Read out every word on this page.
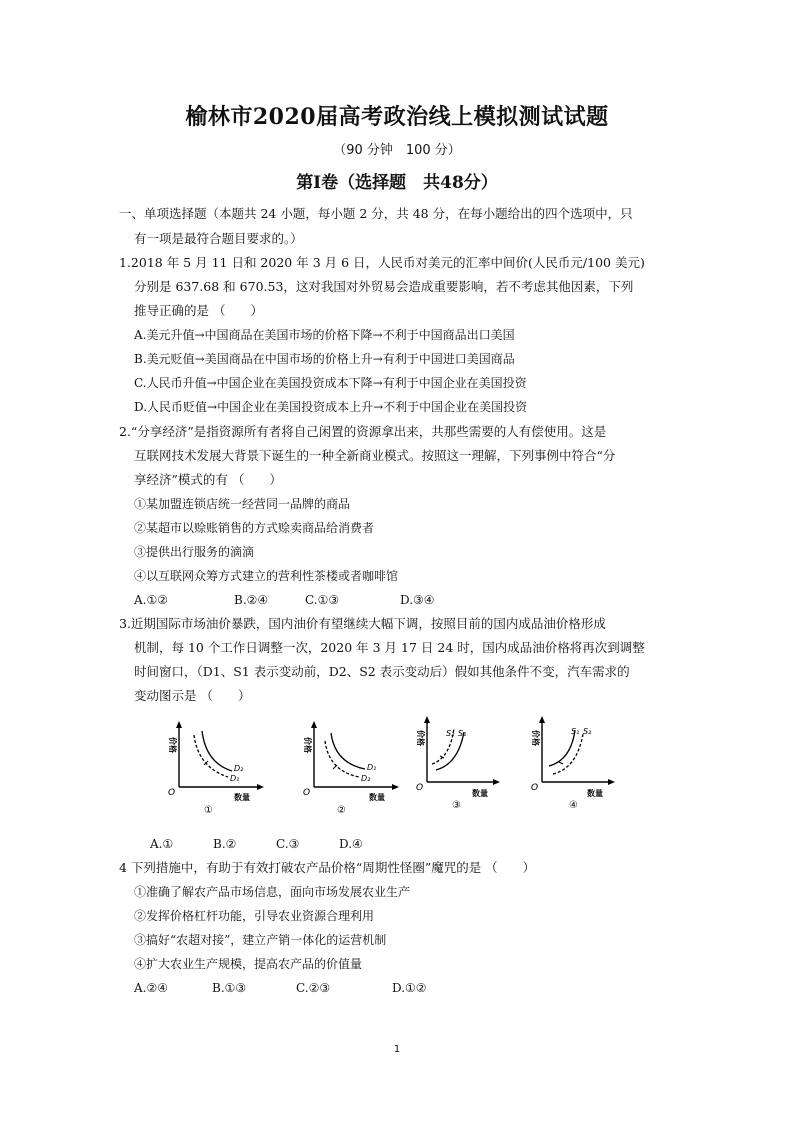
榆林市2020届高考政治线上模拟测试试题
（90 分钟　100 分）
第Ⅰ卷（选择题　共48分）
一、单项选择题（本题共 24 小题，每小题 2 分，共 48 分，在每小题给出的四个选项中，只
有一项是最符合题目要求的。）
1.2018 年 5 月 11 日和 2020 年 3 月 6 日，人民币对美元的汇率中间价(人民币元/100 美元)
分别是 637.68 和 670.53，这对我国对外贸易会造成重要影响，若不考虑其他因素，下列
推导正确的是 （　　）
A.美元升值→中国商品在美国市场的价格下降→不利于中国商品出口美国
B.美元贬值→美国商品在中国市场的价格上升→有利于中国进口美国商品
C.人民币升值→中国企业在美国投资成本下降→有利于中国企业在美国投资
D.人民币贬值→中国企业在美国投资成本上升→不利于中国企业在美国投资
2.“分享经济”是指资源所有者将自己闲置的资源拿出来，共那些需要的人有偿使用。这是
互联网技术发展大背景下诞生的一种全新商业模式。按照这一理解，下列事例中符合“分
享经济”模式的有 （　　）
①某加盟连锁店统一经营同一品牌的商品
②某超市以赊账销售的方式赊卖商品给消费者
③提供出行服务的滴滴
④以互联网众筹方式建立的营利性茶楼或者咖啡馆
A.①②	B.②④	C.①③	D.③④
3.近期国际市场油价暴跌，国内油价有望继续大幅下调，按照目前的国内成品油价格形成
机制，每 10 个工作日调整一次，2020 年 3 月 17 日 24 时，国内成品油价格将再次到调整
时间窗口，（D1、S1 表示变动前，D2、S2 表示变动后）假如其他条件不变，汽车需求的
变动图示是 （　　）
价格
O	数量
D₂
D₁
①
价格
O	数量
D₁
D₂
②
价格
O
数量
S₂ S₁
③
价格
O
数量
S₁ S₂
④
A.①	B.②	C.③	D.④
4 下列措施中，有助于有效打破农产品价格“周期性怪圈”魔咒的是 （　　）
①准确了解农产品市场信息，面向市场发展农业生产
②发挥价格杠杆功能，引导农业资源合理利用
③搞好“农超对接”，建立产销一体化的运营机制
④扩大农业生产规模，提高农产品的价值量
A.②④	B.①③	C.②③	D.①②
1
